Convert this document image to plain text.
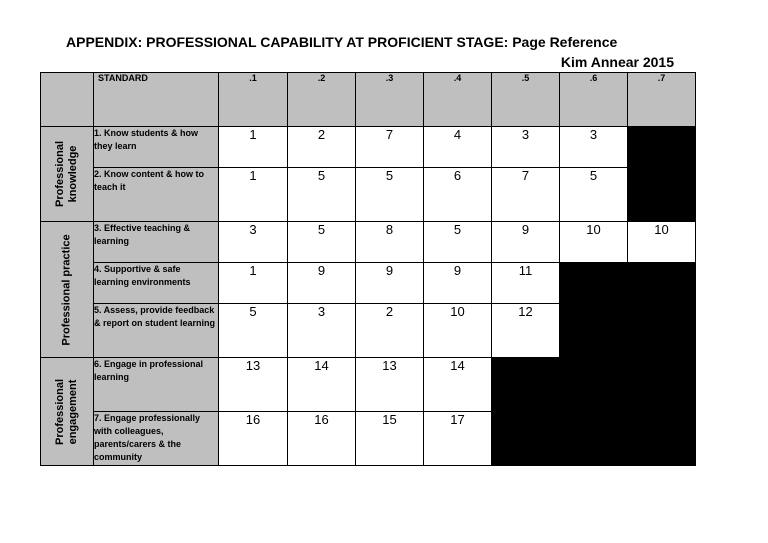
APPENDIX: PROFESSIONAL CAPABILITY AT PROFICIENT STAGE: Page Reference
Kim Annear 2015
	STANDARD	.1	.2	.3	.4	.5	.6	.7

Professional
knowledge	1. Know students & how they learn	1	2	7	4	3	3	
	2. Know content & how to teach it	1	5	5	6	7	5	

Professional practice	3. Effective teaching & learning	3	5	8	5	9	10	10
	4. Supportive & safe learning environments	1	9	9	9	11		
	5. Assess, provide feedback & report on student learning	5	3	2	10	12		

Professional
engagement	6. Engage in professional learning	13	14	13	14			
	7. Engage professionally with colleagues, parents/carers & the community	16	16	15	17			
